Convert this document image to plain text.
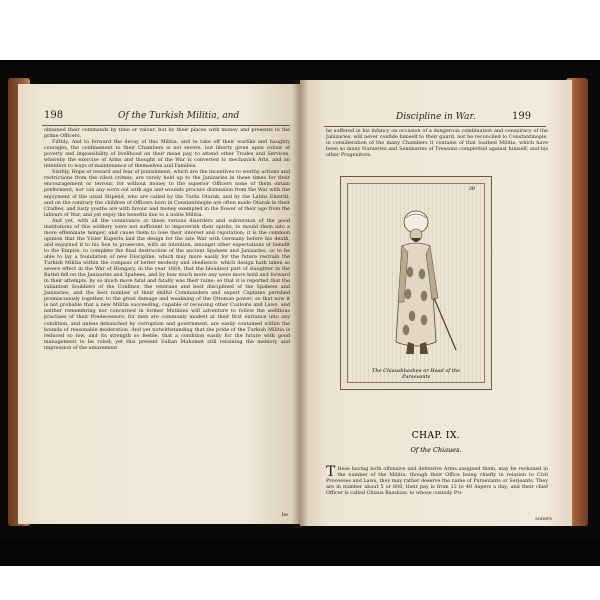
198	Of the Turkish Militia, and

obtained their commands by time or valour, but by their places with money and presents to the prime Officers.

Fifthly, And to forward the decay of this Militia, and to take off their warlike and haughty courages, the confinement to their Chambers is not severe, but liberty given upon colour of poverty and impossibility of livelihood on their mean pay, to attend other Trades and Services, whereby the exercise of Arms and thought of the War is converted to mechanick Arts, and an intention to ways of maintenance of themselves and Families.

Sixthly, Hope of reward and fear of punishment, which are the incentives to worthy actions and restrictions from the vilest crimes, are rarely held up to the Janizaries in these times for their encouragement or terrour, for without money to the superior Officers none of them obtain preferment; nor can any worn out with age and wounds procure dismission from the War with the enjoyment of the usual Stipend, who are called by the Turks Oturak, and by the Latins Emeriti; and on the contrary the children of Officers born in Constantinople are often made Oturak in their Cradles, and lusty youths are with favour and money exempted in the flower of their age from the labours of War, and yet enjoy the benefits due to a noble Militia.

And yet, with all the connivance at these various disorders and subversion of the good institutions of this soldiery were not sufficient to impoverish their spirits, to mould them into a more effeminate temper, and cause them to lose their interest and reputation; it is the common opinion that the Visier Kuperlu laid the design for the late War with Germany before his death, and enjoyned it to his Son to prosecute, with an intention, amongst other expectations of benefit to the Empire, to complete the final destruction of the ancient Spahees and Janizaries, so to be able to lay a foundation of new Discipline, which may more easily for the future restrain the Turkish Militia within the compass of better modesty and obedience: which design hath taken so severe effect in the War of Hungary, in the year 1664, that the bloudiest part of slaughter in the Battel fell on the Janizaries and Spahees, and by how much more any were more bold and forward in their attempts, by so much more fatal and fatally was their ruine; so that it is reported that the valiantest Souldiers of the Confines, the veterane and best disciplined of the Spahees and Janizaries, and the best number of their skilful Commanders and expert Captains perished promiscuously together, to the great damage and weakning of the Ottoman power; so that now it is not probable that a new Militia succeeding, capable of receiving other Customs and Laws, and neither remembring nor concerned in former Mutinies will adventure to follow the seditious practises of their Predecessors; for men are commonly modest at their first entrance into any condition, and unless debauched by corruption and government, are easily contained within the bounds of reasonable moderation. And yet notwithstanding that the pride of the Turkish Militia is reduced so low, and its strength so feeble, that a condition easily for the future with good management to be ruled; yet this present Sultan Mahomet still retaining the memory and impression of the amazement

he
Discipline in War.	199

he suffered in his infancy on occasion of a dangerous combination and conspiracy of the Janizaries, will never confide himself to their guard, nor be reconciled to Constantinople, in consideration of the many Chambers it contains of that loathed Militia, which have been so many Nurseries and Seminaries of Treasons completted against himself, and his other Progenitors.

T Hese having both offensive and defensive Arms assigned them, may be reckoned in the number of the Militia, though their Office being chiefly in relation to Civil Proceeses and Laws, they may rather deserve the name of Pursevants or Serjeants. They are in number about 5 or 600, their pay is from 12 to 40 Aspers a day; and their chief Officer is called Chiaus Basshaw, to whose custody Pri-

soners
39
The Chiaushbashee or Head of the Pursevants
CHAP. IX.
Of the Chiaues.
